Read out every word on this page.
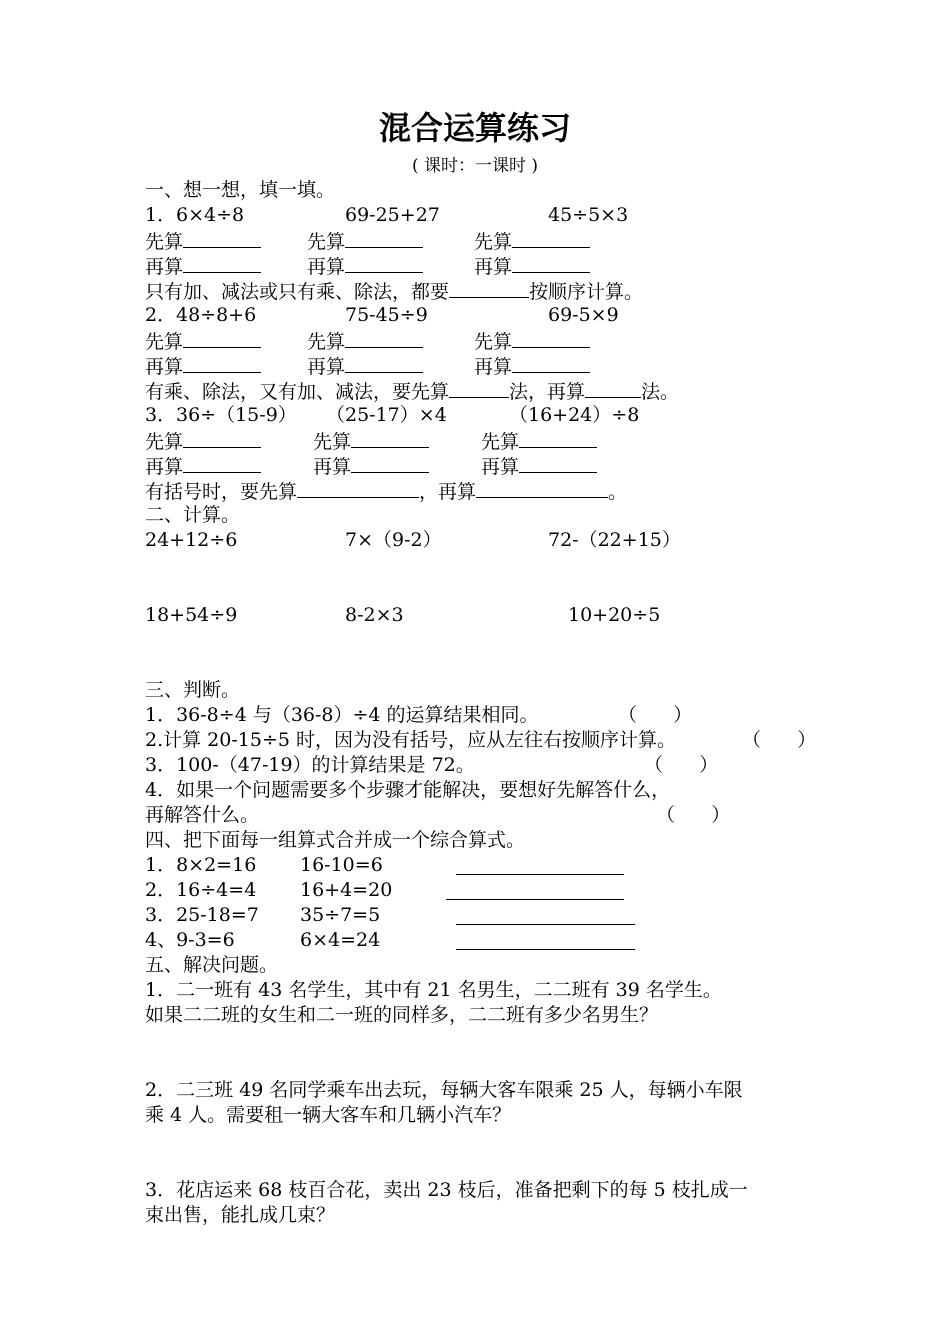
混合运算练习
( 课时：一课时 )
一、想一想，填一填。
1． 6×4÷8	69-25+27	45÷5×3
先算	先算	先算
再算	再算	再算
只有加、减法或只有乘、除法，都要	按顺序计算。
2． 48÷8+6	75-45÷9	69-5×9
先算	先算	先算
再算	再算	再算
有乘、除法，又有加、减法，要先算	法，再算	法。
3． 36÷（15-9） （25-17）×4	（16+24）÷8
先算	先算	先算
再算	再算	再算
有括号时，要先算	，再算	。
二、计算。
24+12÷6	7×（9-2）	72-（22+15）
18+54÷9	8-2×3	10+20÷5
三、判断。
1．36-8÷4 与（36-8）÷4 的运算结果相同。	（      ）
2.计算 20-15÷5 时，因为没有括号，应从左往右按顺序计算。	（      ）
3．100-（47-19）的计算结果是 72。	（      ）
4．如果一个问题需要多个步骤才能解决，要想好先解答什么，
再解答什么。	（      ）
四、把下面每一组算式合并成一个综合算式。
1．8×2=16 16-10=6
2．16÷4=4 16+4=20
3．25-18=7 35÷7=5
4、9-3=6	6×4=24
五、解决问题。
1．二一班有 43 名学生，其中有 21 名男生，二二班有 39 名学生。
如果二二班的女生和二一班的同样多，二二班有多少名男生？
2．二三班 49 名同学乘车出去玩，每辆大客车限乘 25 人，每辆小车限
乘 4 人。需要租一辆大客车和几辆小汽车？
3．花店运来 68 枝百合花，卖出 23 枝后，准备把剩下的每 5 枝扎成一
束出售，能扎成几束？
